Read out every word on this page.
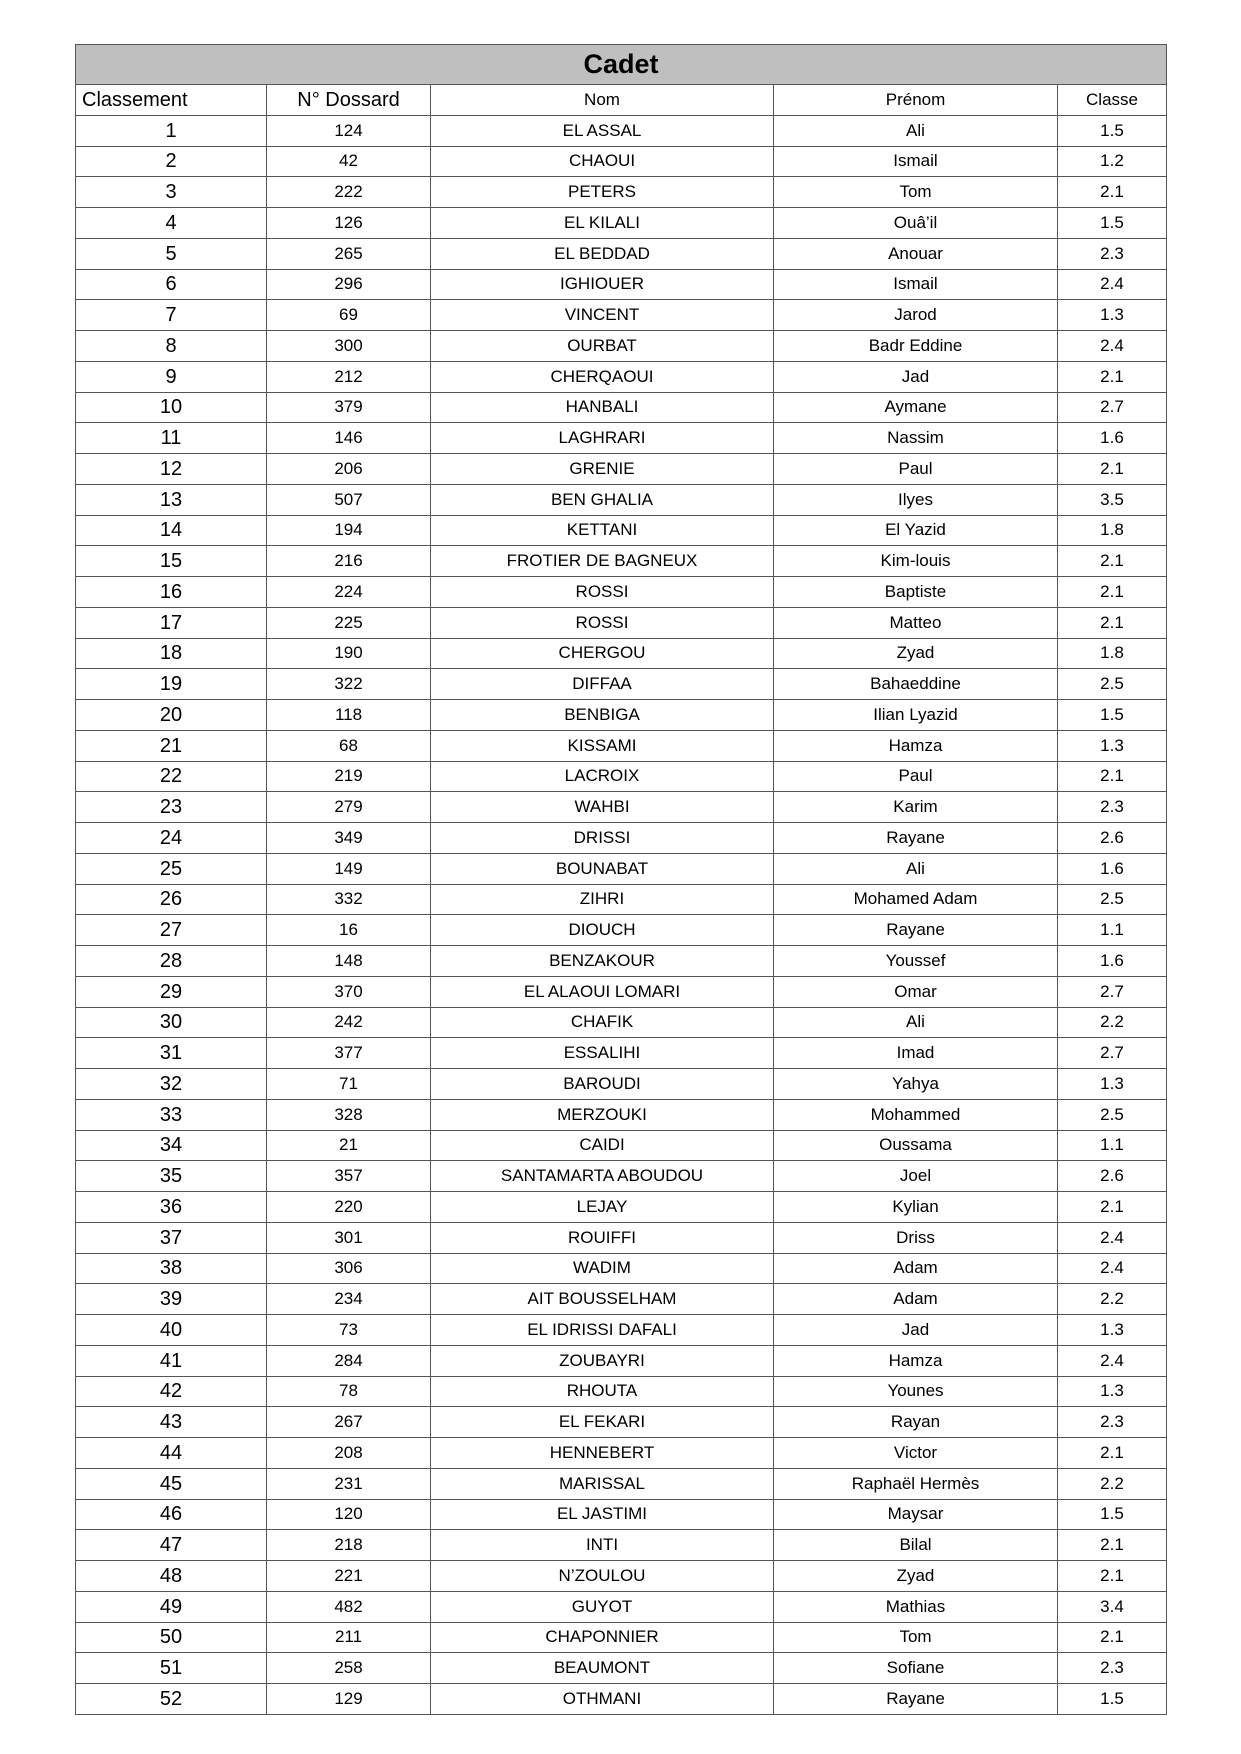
Cadet				
Classement	N° Dossard	Nom	Prénom	Classe
1	124	EL ASSAL	Ali	1.5
2	42	CHAOUI	Ismail	1.2
3	222	PETERS	Tom	2.1
4	126	EL KILALI	Ouâ’il	1.5
5	265	EL BEDDAD	Anouar	2.3
6	296	IGHIOUER	Ismail	2.4
7	69	VINCENT	Jarod	1.3
8	300	OURBAT	Badr Eddine	2.4
9	212	CHERQAOUI	Jad	2.1
10	379	HANBALI	Aymane	2.7
11	146	LAGHRARI	Nassim	1.6
12	206	GRENIE	Paul	2.1
13	507	BEN GHALIA	Ilyes	3.5
14	194	KETTANI	El Yazid	1.8
15	216	FROTIER DE BAGNEUX	Kim-louis	2.1
16	224	ROSSI	Baptiste	2.1
17	225	ROSSI	Matteo	2.1
18	190	CHERGOU	Zyad	1.8
19	322	DIFFAA	Bahaeddine	2.5
20	118	BENBIGA	Ilian Lyazid	1.5
21	68	KISSAMI	Hamza	1.3
22	219	LACROIX	Paul	2.1
23	279	WAHBI	Karim	2.3
24	349	DRISSI	Rayane	2.6
25	149	BOUNABAT	Ali	1.6
26	332	ZIHRI	Mohamed Adam	2.5
27	16	DIOUCH	Rayane	1.1
28	148	BENZAKOUR	Youssef	1.6
29	370	EL ALAOUI LOMARI	Omar	2.7
30	242	CHAFIK	Ali	2.2
31	377	ESSALIHI	Imad	2.7
32	71	BAROUDI	Yahya	1.3
33	328	MERZOUKI	Mohammed	2.5
34	21	CAIDI	Oussama	1.1
35	357	SANTAMARTA ABOUDOU	Joel	2.6
36	220	LEJAY	Kylian	2.1
37	301	ROUIFFI	Driss	2.4
38	306	WADIM	Adam	2.4
39	234	AIT BOUSSELHAM	Adam	2.2
40	73	EL IDRISSI DAFALI	Jad	1.3
41	284	ZOUBAYRI	Hamza	2.4
42	78	RHOUTA	Younes	1.3
43	267	EL FEKARI	Rayan	2.3
44	208	HENNEBERT	Victor	2.1
45	231	MARISSAL	Raphaël Hermès	2.2
46	120	EL JASTIMI	Maysar	1.5
47	218	INTI	Bilal	2.1
48	221	N’ZOULOU	Zyad	2.1
49	482	GUYOT	Mathias	3.4
50	211	CHAPONNIER	Tom	2.1
51	258	BEAUMONT	Sofiane	2.3
52	129	OTHMANI	Rayane	1.5
